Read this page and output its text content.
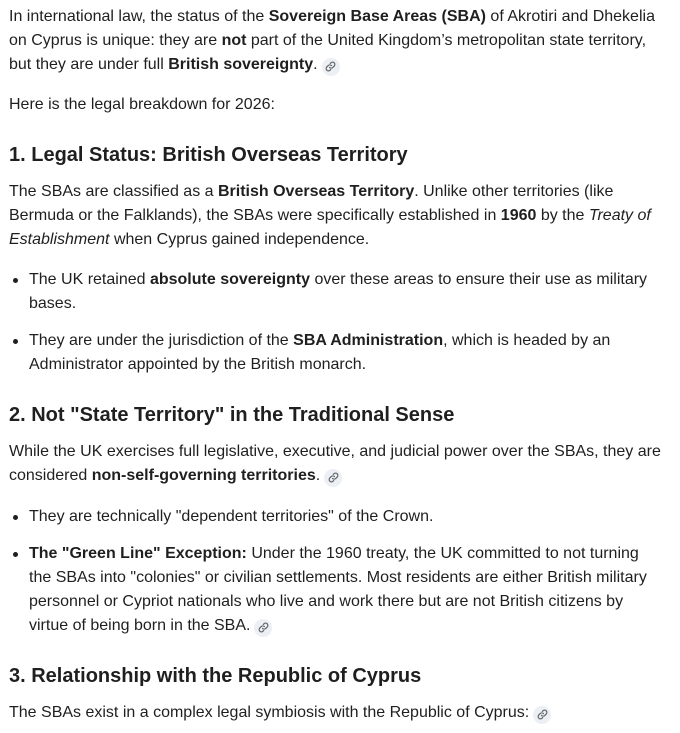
In international law, the status of the Sovereign Base Areas (SBA) of Akrotiri and Dhekelia on Cyprus is unique: they are not part of the United Kingdom’s metropolitan state territory, but they are under full British sovereignty.

Here is the legal breakdown for 2026:

1. Legal Status: British Overseas Territory

The SBAs are classified as a British Overseas Territory. Unlike other territories (like Bermuda or the Falklands), the SBAs were specifically established in 1960 by the Treaty of Establishment when Cyprus gained independence.

The UK retained absolute sovereignty over these areas to ensure their use as military bases.
They are under the jurisdiction of the SBA Administration, which is headed by an Administrator appointed by the British monarch.
2. Not "State Territory" in the Traditional Sense

While the UK exercises full legislative, executive, and judicial power over the SBAs, they are considered non-self-governing territories.

They are technically "dependent territories" of the Crown.
The "Green Line" Exception: Under the 1960 treaty, the UK committed to not turning the SBAs into "colonies" or civilian settlements. Most residents are either British military personnel or Cypriot nationals who live and work there but are not British citizens by virtue of being born in the SBA.
3. Relationship with the Republic of Cyprus

The SBAs exist in a complex legal symbiosis with the Republic of Cyprus:
